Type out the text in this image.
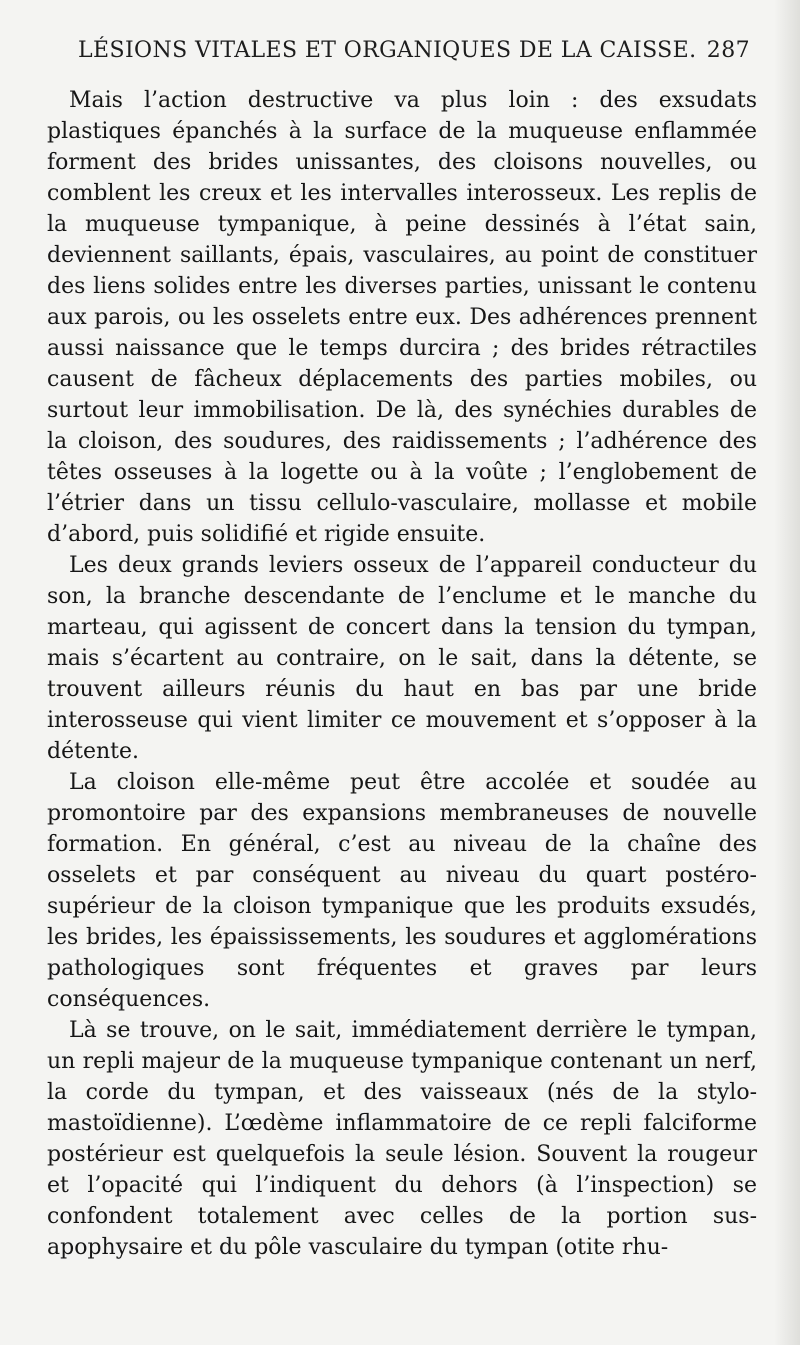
LÉSIONS VITALES ET ORGANIQUES DE LA CAISSE. 287

Mais l’action destructive va plus loin : des exsudats plastiques épanchés à la surface de la muqueuse enflammée forment des brides unissantes, des cloisons nouvelles, ou comblent les creux et les intervalles interosseux. Les replis de la muqueuse tympanique, à peine dessinés à l’état sain, deviennent saillants, épais, vasculaires, au point de constituer des liens solides entre les diverses parties, unissant le contenu aux parois, ou les osselets entre eux. Des adhérences prennent aussi naissance que le temps durcira ; des brides rétractiles causent de fâcheux déplacements des parties mobiles, ou surtout leur immobilisation. De là, des synéchies durables de la cloison, des soudures, des raidissements ; l’adhérence des têtes osseuses à la logette ou à la voûte ; l’englobement de l’étrier dans un tissu cellulo-vasculaire, mollasse et mobile d’abord, puis solidifié et rigide ensuite.

Les deux grands leviers osseux de l’appareil conducteur du son, la branche descendante de l’enclume et le manche du marteau, qui agissent de concert dans la tension du tympan, mais s’écartent au contraire, on le sait, dans la détente, se trouvent ailleurs réunis du haut en bas par une bride interosseuse qui vient limiter ce mouvement et s’opposer à la détente.

La cloison elle-même peut être accolée et soudée au promontoire par des expansions membraneuses de nouvelle formation. En général, c’est au niveau de la chaîne des osselets et par conséquent au niveau du quart postéro-supérieur de la cloison tympanique que les produits exsudés, les brides, les épaississements, les soudures et agglomérations pathologiques sont fréquentes et graves par leurs conséquences.

Là se trouve, on le sait, immédiatement derrière le tympan, un repli majeur de la muqueuse tympanique contenant un nerf, la corde du tympan, et des vaisseaux (nés de la stylo-mastoïdienne). L’œdème inflammatoire de ce repli falciforme postérieur est quelquefois la seule lésion. Souvent la rougeur et l’opacité qui l’indiquent du dehors (à l’inspection) se confondent totalement avec celles de la portion sus-apophysaire et du pôle vasculaire du tympan (otite rhu-
